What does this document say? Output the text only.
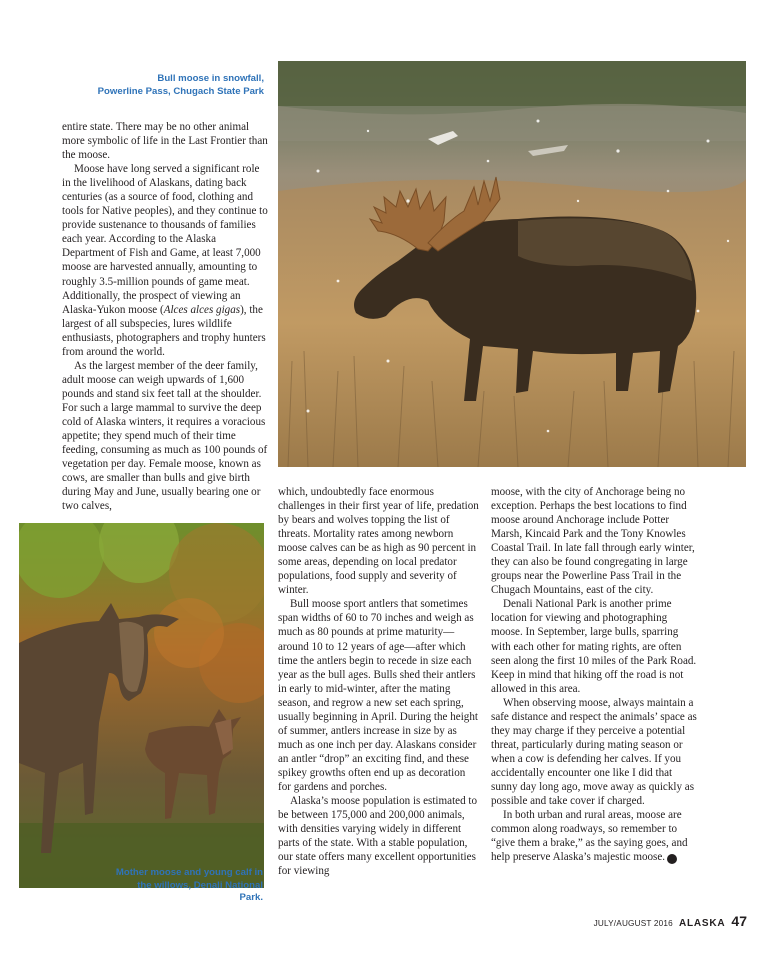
Bull moose in snowfall,
Powerline Pass, Chugach State Park

entire state. There may be no other animal more symbolic of life in the Last Frontier than the moose.

Moose have long served a significant role in the livelihood of Alaskans, dating back centuries (as a source of food, clothing and tools for Native peoples), and they continue to provide sustenance to thousands of families each year. According to the Alaska Department of Fish and Game, at least 7,000 moose are harvested annually, amounting to roughly 3.5-million pounds of game meat. Additionally, the prospect of viewing an Alaska-Yukon moose (Alces alces gigas), the largest of all subspecies, lures wildlife enthusiasts, photographers and trophy hunters from around the world.

As the largest member of the deer family, adult moose can weigh upwards of 1,600 pounds and stand six feet tall at the shoulder. For such a large mammal to survive the deep cold of Alaska winters, it requires a voracious appetite; they spend much of their time feeding, consuming as much as 100 pounds of vegetation per day. Female moose, known as cows, are smaller than bulls and give birth during May and June, usually bearing one or two calves,

Mother moose and young calf in
the willows, Denali National Park.

which, undoubtedly face enormous challenges in their first year of life, predation by bears and wolves topping the list of threats. Mortality rates among newborn moose calves can be as high as 90 percent in some areas, depending on local predator populations, food supply and severity of winter.

Bull moose sport antlers that sometimes span widths of 60 to 70 inches and weigh as much as 80 pounds at prime maturity—around 10 to 12 years of age—after which time the antlers begin to recede in size each year as the bull ages. Bulls shed their antlers in early to mid-winter, after the mating season, and regrow a new set each spring, usually beginning in April. During the height of summer, antlers increase in size by as much as one inch per day. Alaskans consider an antler “drop” an exciting find, and these spikey growths often end up as decoration for gardens and porches.

Alaska’s moose population is estimated to be between 175,000 and 200,000 animals, with densities varying widely in different parts of the state. With a stable population, our state offers many excellent opportunities for viewing

moose, with the city of Anchorage being no exception. Perhaps the best locations to find moose around Anchorage include Potter Marsh, Kincaid Park and the Tony Knowles Coastal Trail. In late fall through early winter, they can also be found congregating in large groups near the Powerline Pass Trail in the Chugach Mountains, east of the city.

Denali National Park is another prime location for viewing and photographing moose. In September, large bulls, sparring with each other for mating rights, are often seen along the first 10 miles of the Park Road. Keep in mind that hiking off the road is not allowed in this area.

When observing moose, always maintain a safe distance and respect the animals’ space as they may charge if they perceive a potential threat, particularly during mating season or when a cow is defending her calves. If you accidentally encounter one like I did that sunny day long ago, move away as quickly as possible and take cover if charged.

In both urban and rural areas, moose are common along roadways, so remember to “give them a brake,” as the saying goes, and help preserve Alaska’s majestic moose. A

JULY/AUGUST 2016 ALASKA 47
